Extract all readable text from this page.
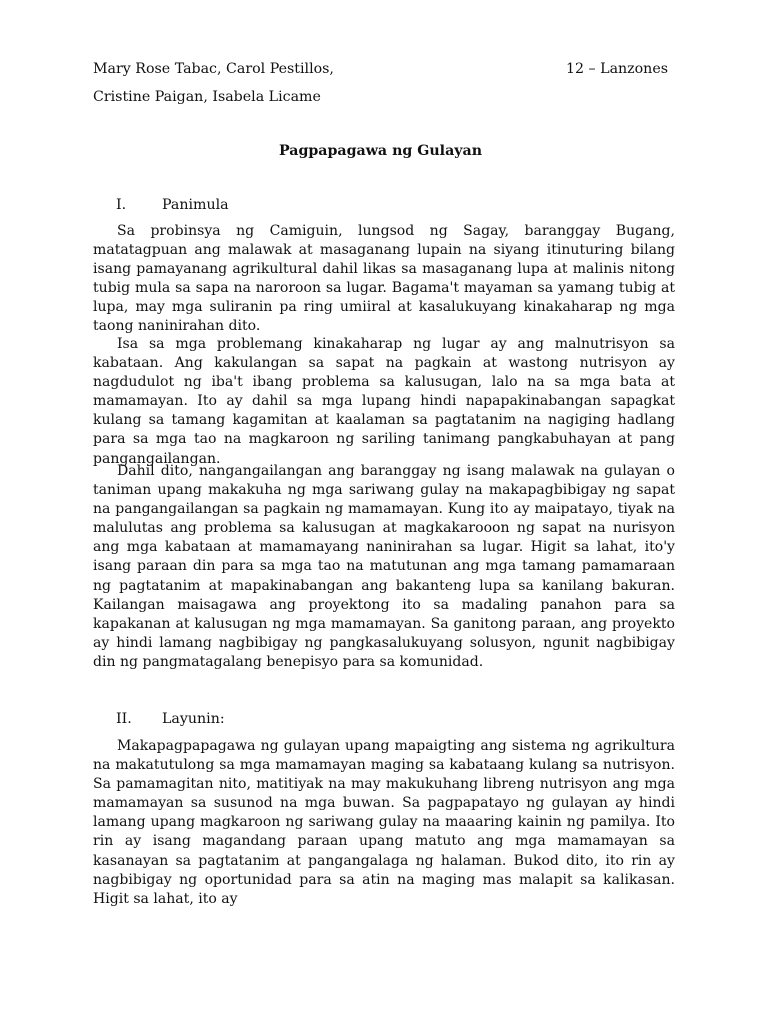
Mary Rose Tabac, Carol Pestillos,	12 – Lanzones
Cristine Paigan, Isabela Licame
Pagpapagawa ng Gulayan
I.	Panimula

Sa probinsya ng Camiguin, lungsod ng Sagay, baranggay Bugang, matatagpuan ang malawak at masaganang lupain na siyang itinuturing bilang isang pamayanang agrikultural dahil likas sa masaganang lupa at malinis nitong tubig mula sa sapa na naroroon sa lugar. Bagama't mayaman sa yamang tubig at lupa, may mga suliranin pa ring umiiral at kasalukuyang kinakaharap ng mga taong naninirahan dito.

Isa sa mga problemang kinakaharap ng lugar ay ang malnutrisyon sa kabataan. Ang kakulangan sa sapat na pagkain at wastong nutrisyon ay nagdudulot ng iba't ibang problema sa kalusugan, lalo na sa mga bata at mamamayan. Ito ay dahil sa mga lupang hindi napapakinabangan sapagkat kulang sa tamang kagamitan at kaalaman sa pagtatanim na nagiging hadlang para sa mga tao na magkaroon ng sariling tanimang pangkabuhayan at pang pangangailangan.

Dahil dito, nangangailangan ang baranggay ng isang malawak na gulayan o taniman upang makakuha ng mga sariwang gulay na makapagbibigay ng sapat na pangangailangan sa pagkain ng mamamayan. Kung ito ay maipatayo, tiyak na malulutas ang problema sa kalusugan at magkakarooon ng sapat na nurisyon ang mga kabataan at mamamayang naninirahan sa lugar. Higit sa lahat, ito'y isang paraan din para sa mga tao na matutunan ang mga tamang pamamaraan ng pagtatanim at mapakinabangan ang bakanteng lupa sa kanilang bakuran. Kailangan maisagawa ang proyektong ito sa madaling panahon para sa kapakanan at kalusugan ng mga mamamayan. Sa ganitong paraan, ang proyekto ay hindi lamang nagbibigay ng pangkasalukuyang solusyon, ngunit nagbibigay din ng pangmatagalang benepisyo para sa komunidad.

II. Layunin:

Makapagpapagawa ng gulayan upang mapaigting ang sistema ng agrikultura na makatutulong sa mga mamamayan maging sa kabataang kulang sa nutrisyon. Sa pamamagitan nito, matitiyak na may makukuhang libreng nutrisyon ang mga mamamayan sa susunod na mga buwan. Sa pagpapatayo ng gulayan ay hindi lamang upang magkaroon ng sariwang gulay na maaaring kainin ng pamilya. Ito rin ay isang magandang paraan upang matuto ang mga mamamayan sa kasanayan sa pagtatanim at pangangalaga ng halaman. Bukod dito, ito rin ay nagbibigay ng oportunidad para sa atin na maging mas malapit sa kalikasan. Higit sa lahat, ito ay
